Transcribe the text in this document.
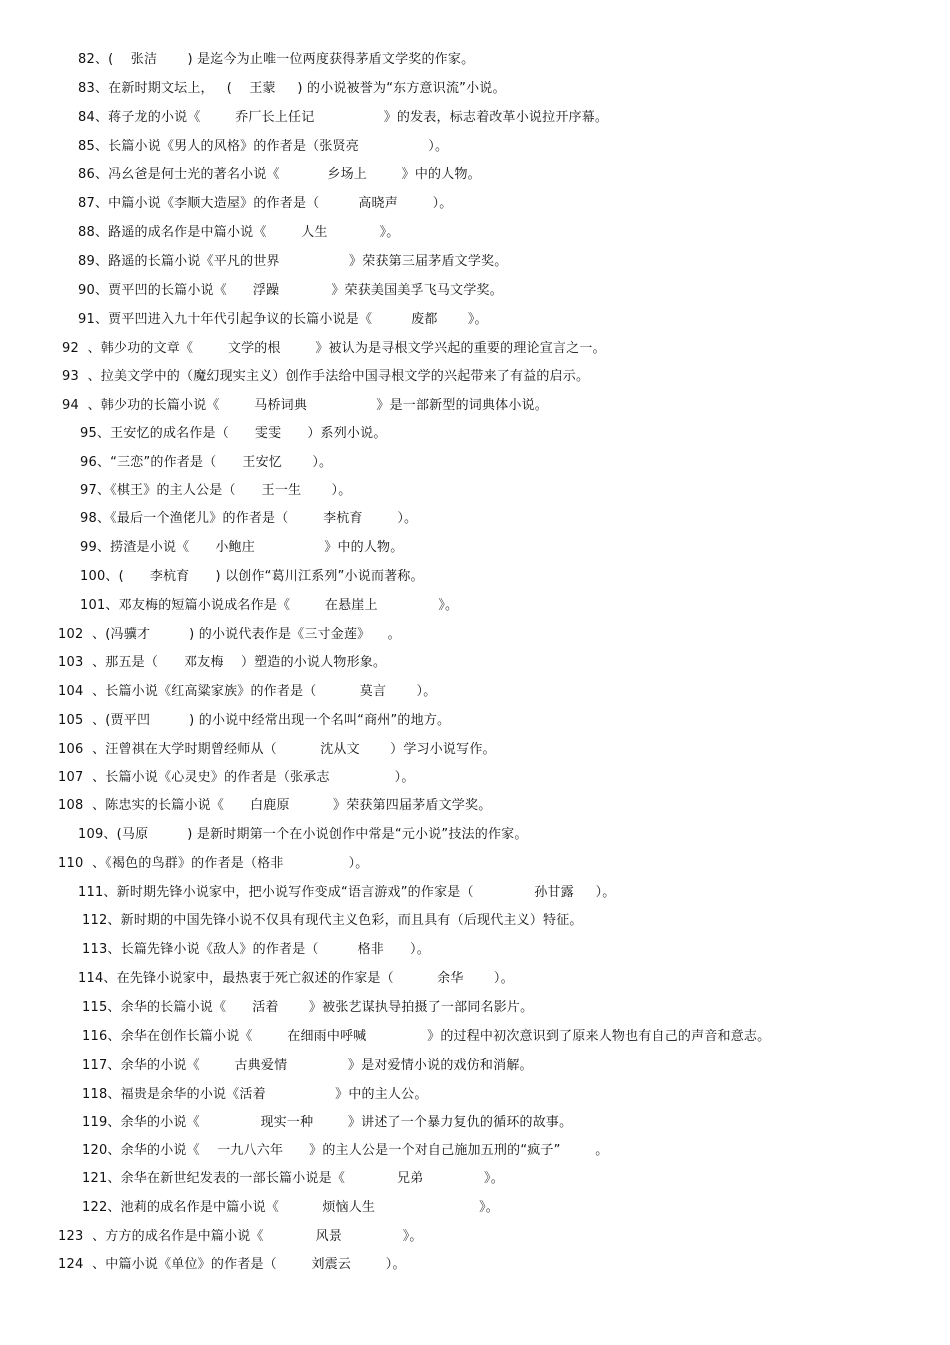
82、(    张洁       ) 是迄今为止唯一位两度获得茅盾文学奖的作家。
83、在新时期文坛上，   (    王蒙     ) 的小说被誉为“东方意识流”小说。
84、蒋子龙的小说《        乔厂长上任记                》的发表，标志着改革小说拉开序幕。
85、长篇小说《男人的风格》的作者是（张贤亮                ）。
86、冯幺爸是何士光的著名小说《           乡场上        》中的人物。
87、中篇小说《李顺大造屋》的作者是（         高晓声        ）。
88、路遥的成名作是中篇小说《        人生            》。
89、路遥的长篇小说《平凡的世界                》荣获第三届茅盾文学奖。
90、贾平凹的长篇小说《      浮躁            》荣获美国美孚飞马文学奖。
91、贾平凹进入九十年代引起争议的长篇小说是《         废都       》。
92  、韩少功的文章《        文学的根        》被认为是寻根文学兴起的重要的理论宣言之一。
93  、拉美文学中的（魔幻现实主义）创作手法给中国寻根文学的兴起带来了有益的启示。
94  、韩少功的长篇小说《        马桥词典                》是一部新型的词典体小说。
95、王安忆的成名作是（      雯雯      ）系列小说。
96、“三恋”的作者是（      王安忆       ）。
97、《棋王》的主人公是（      王一生       ）。
98、《最后一个渔佬儿》的作者是（        李杭育        ）。
99、捞渣是小说《      小鲍庄                》中的人物。
100、(      李杭育      ) 以创作“葛川江系列”小说而著称。
101、邓友梅的短篇小说成名作是《        在悬崖上              》。
102  、(冯骥才         ) 的小说代表作是《三寸金莲》    。
103  、那五是（      邓友梅    ）塑造的小说人物形象。
104  、长篇小说《红高粱家族》的作者是（          莫言       ）。
105  、(贾平凹         ) 的小说中经常出现一个名叫“商州”的地方。
106  、汪曾祺在大学时期曾经师从（          沈从文       ）学习小说写作。
107  、长篇小说《心灵史》的作者是（张承志               ）。
108  、陈忠实的长篇小说《      白鹿原          》荣获第四届茅盾文学奖。
109、(马原         ) 是新时期第一个在小说创作中常是“元小说”技法的作家。
110  、《褐色的鸟群》的作者是（格非               ）。
111、新时期先锋小说家中，把小说写作变成“语言游戏”的作家是（              孙甘露     ）。
112、新时期的中国先锋小说不仅具有现代主义色彩，而且具有（后现代主义）特征。
113、长篇先锋小说《敌人》的作者是（         格非      ）。
114、在先锋小说家中，最热衷于死亡叙述的作家是（          余华       ）。
115、余华的长篇小说《      活着       》被张艺谋执导拍摄了一部同名影片。
116、余华在创作长篇小说《        在细雨中呼喊              》的过程中初次意识到了原来人物也有自己的声音和意志。
117、余华的小说《        古典爱情              》是对爱情小说的戏仿和消解。
118、福贵是余华的小说《活着                》中的主人公。
119、余华的小说《              现实一种        》讲述了一个暴力复仇的循环的故事。
120、余华的小说《    一九八六年      》的主人公是一个对自己施加五刑的“疯子”        。
121、余华在新世纪发表的一部长篇小说是《            兄弟              》。
122、池莉的成名作是中篇小说《          烦恼人生                        》。
123  、方方的成名作是中篇小说《            风景              》。
124  、中篇小说《单位》的作者是（        刘震云        ）。
